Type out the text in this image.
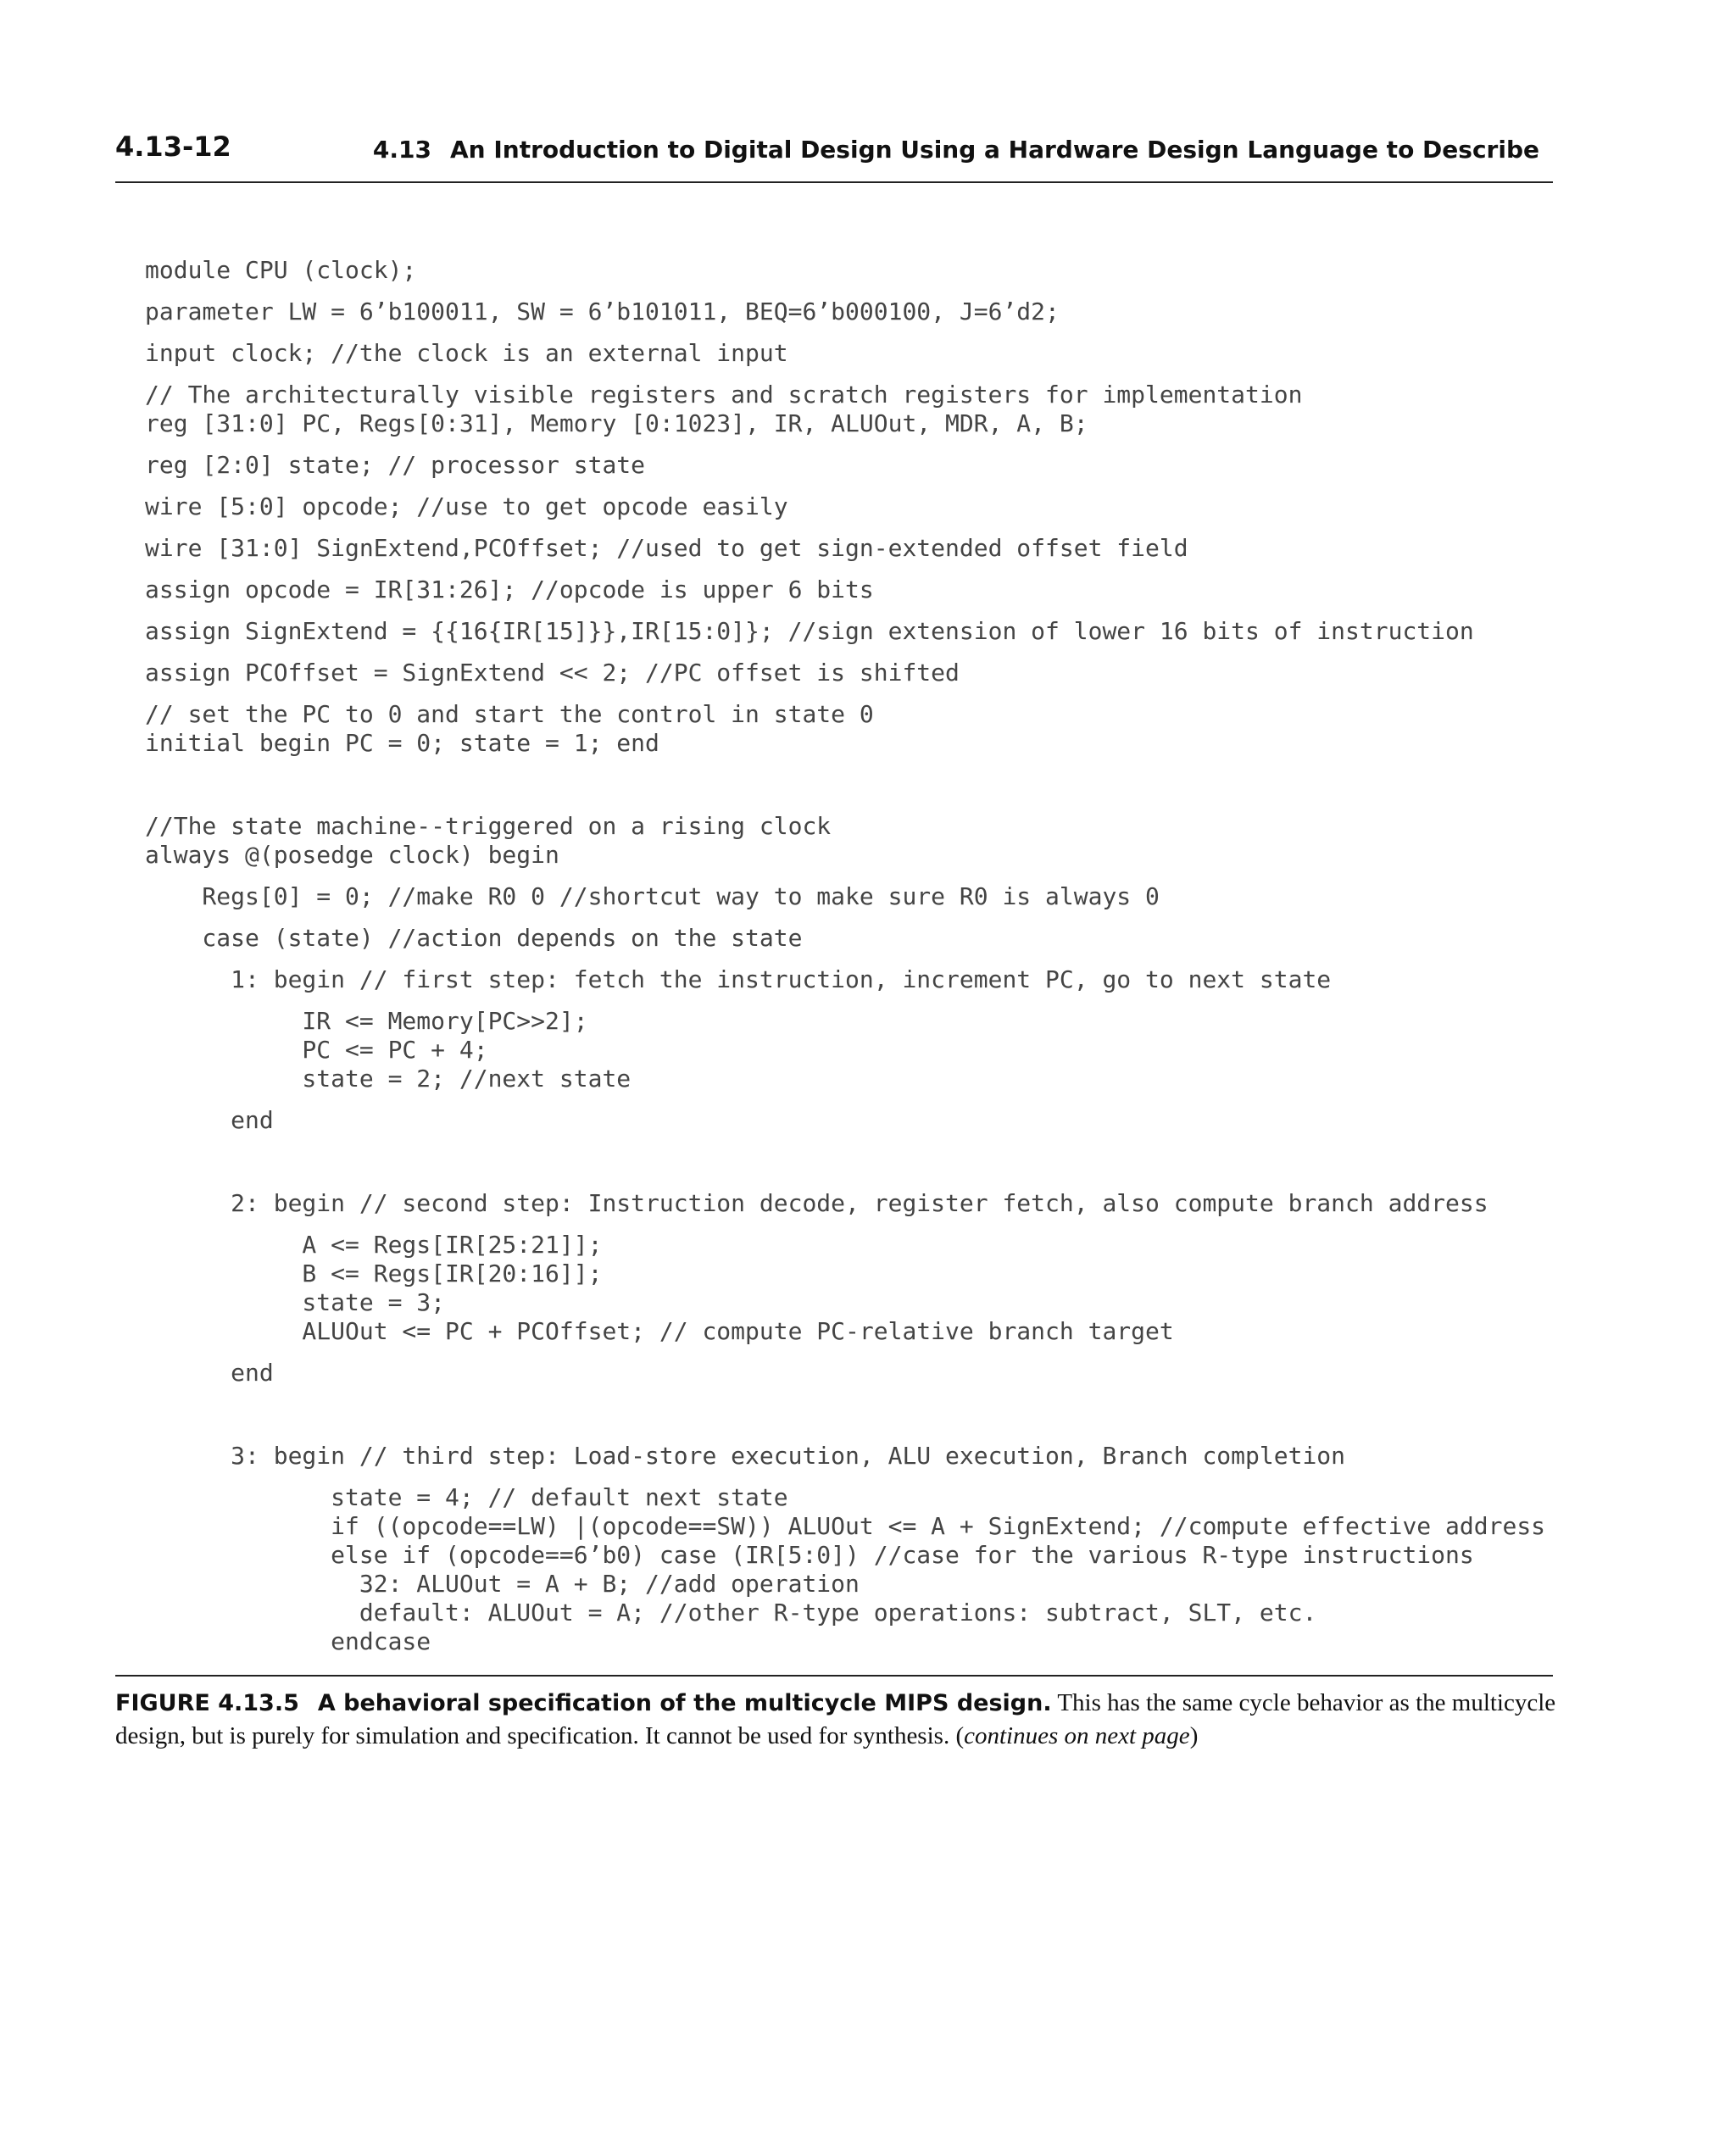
4.13-12	4.13 An Introduction to Digital Design Using a Hardware Design Language to Describe
module CPU (clock);
parameter LW = 6’b100011, SW = 6’b101011, BEQ=6’b000100, J=6’d2;
input clock; //the clock is an external input
// The architecturally visible registers and scratch registers for implementation
reg [31:0] PC, Regs[0:31], Memory [0:1023], IR, ALUOut, MDR, A, B;
reg [2:0] state; // processor state
wire [5:0] opcode; //use to get opcode easily
wire [31:0] SignExtend,PCOffset; //used to get sign-extended offset field
assign opcode = IR[31:26]; //opcode is upper 6 bits
assign SignExtend = {{16{IR[15]}},IR[15:0]}; //sign extension of lower 16 bits of instruction
assign PCOffset = SignExtend << 2; //PC offset is shifted
// set the PC to 0 and start the control in state 0
initial begin PC = 0; state = 1; end
//The state machine--triggered on a rising clock
always @(posedge clock) begin
Regs[0] = 0; //make R0 0 //shortcut way to make sure R0 is always 0
case (state) //action depends on the state
1: begin // first step: fetch the instruction, increment PC, go to next state
IR <= Memory[PC>>2];
PC <= PC + 4;
state = 2; //next state
end
2: begin // second step: Instruction decode, register fetch, also compute branch address
A <= Regs[IR[25:21]];
B <= Regs[IR[20:16]];
state = 3;
ALUOut <= PC + PCOffset; // compute PC-relative branch target
end
3: begin // third step: Load-store execution, ALU execution, Branch completion
state = 4; // default next state
if ((opcode==LW) |(opcode==SW)) ALUOut <= A + SignExtend; //compute effective address
else if (opcode==6’b0) case (IR[5:0]) //case for the various R-type instructions
32: ALUOut = A + B; //add operation
default: ALUOut = A; //other R-type operations: subtract, SLT, etc.
endcase
FIGURE 4.13.5 A behavioral specification of the multicycle MIPS design. This has the same cycle behavior as the multicycle design, but is purely for simulation and specification. It cannot be used for synthesis. (continues on next page)
